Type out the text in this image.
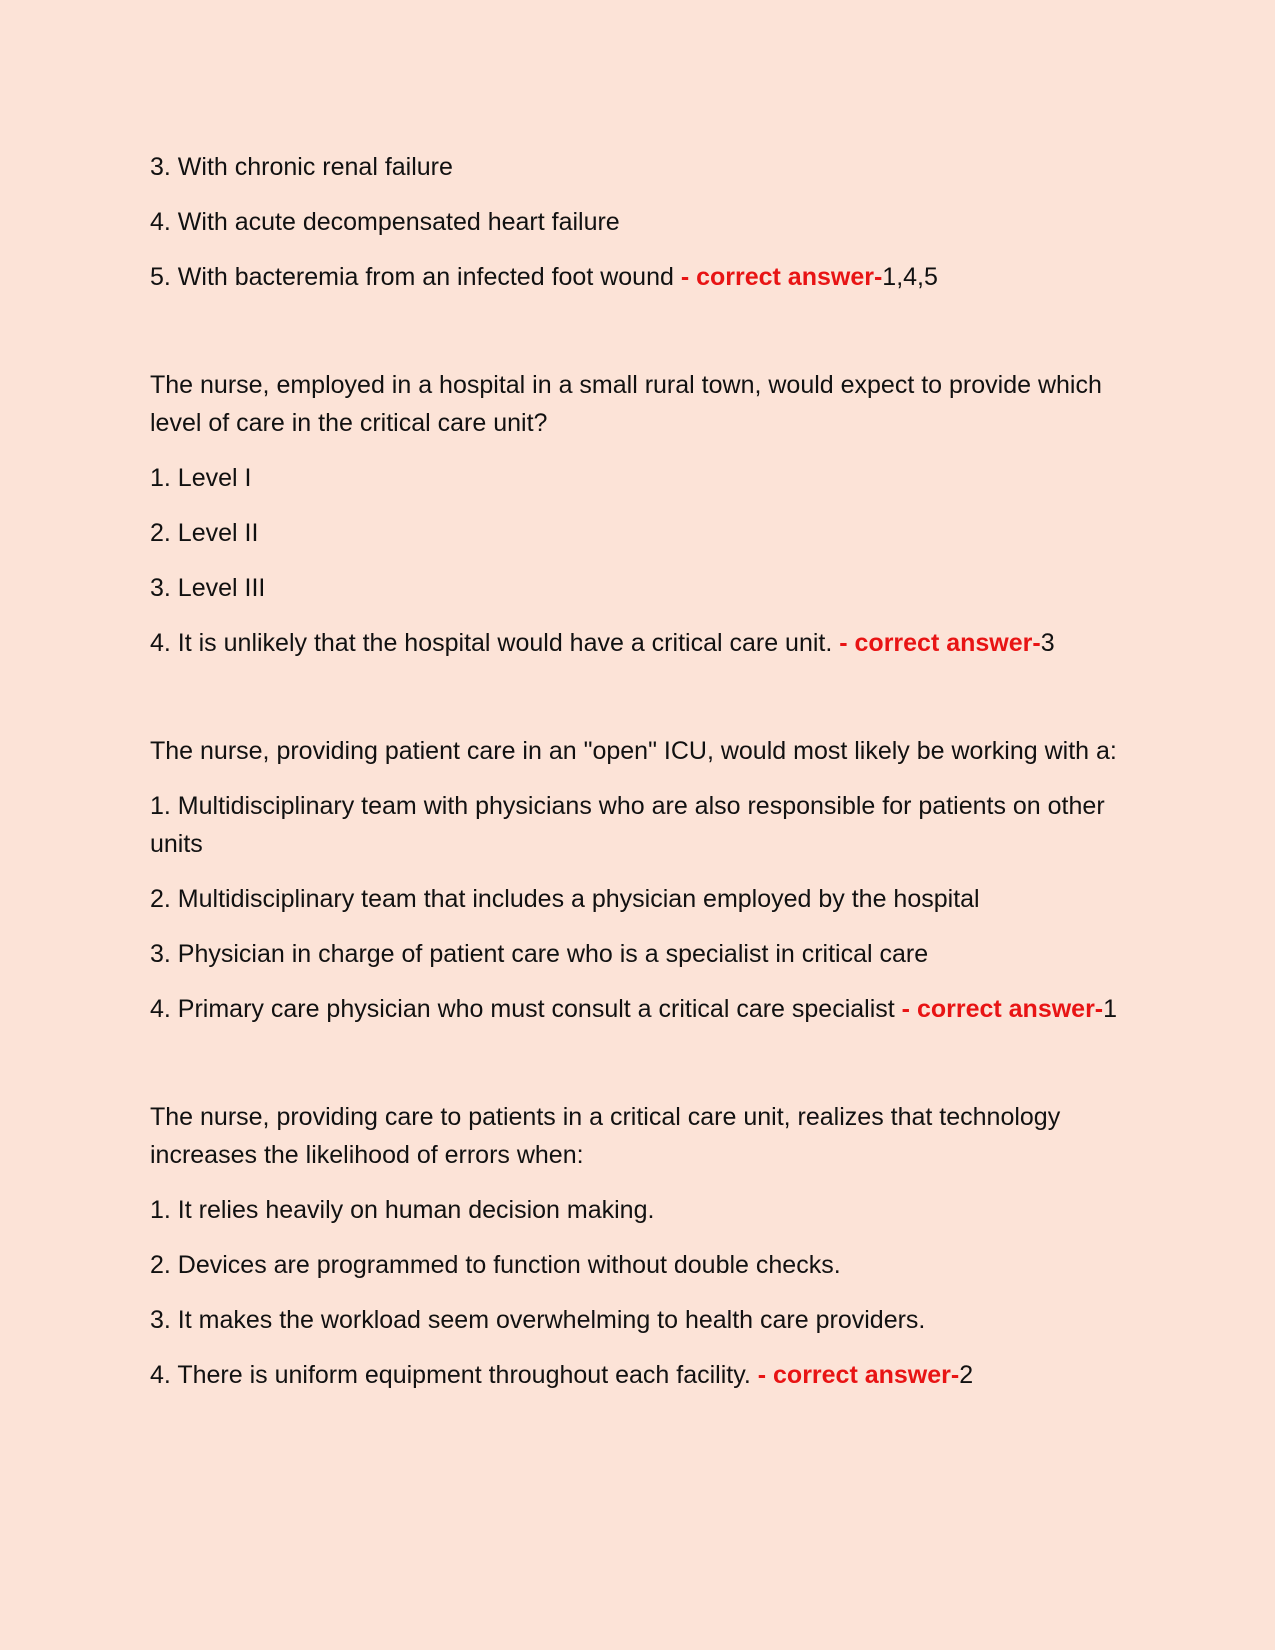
3. With chronic renal failure

4. With acute decompensated heart failure

5. With bacteremia from an infected foot wound - correct answer-1,4,5

The nurse, employed in a hospital in a small rural town, would expect to provide which level of care in the critical care unit?

1. Level I

2. Level II

3. Level III

4. It is unlikely that the hospital would have a critical care unit. - correct answer-3

The nurse, providing patient care in an "open" ICU, would most likely be working with a:

1. Multidisciplinary team with physicians who are also responsible for patients on other units

2. Multidisciplinary team that includes a physician employed by the hospital

3. Physician in charge of patient care who is a specialist in critical care

4. Primary care physician who must consult a critical care specialist - correct answer-1

The nurse, providing care to patients in a critical care unit, realizes that technology increases the likelihood of errors when:

1. It relies heavily on human decision making.

2. Devices are programmed to function without double checks.

3. It makes the workload seem overwhelming to health care providers.

4. There is uniform equipment throughout each facility. - correct answer-2
